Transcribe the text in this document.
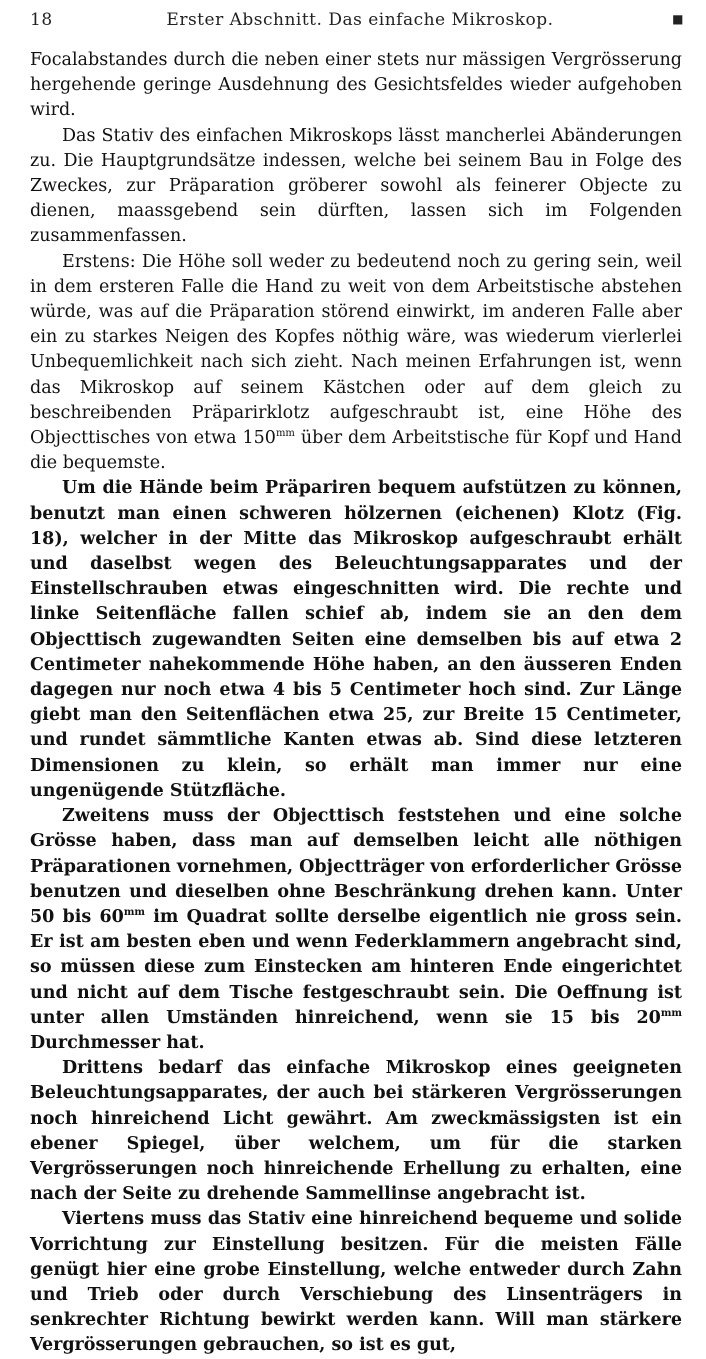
18	Erster Abschnitt. Das einfache Mikroskop.	■

Focalabstandes durch die neben einer stets nur mässigen Vergrösserung hergehende geringe Ausdehnung des Gesichtsfeldes wieder aufgehoben wird.

Das Stativ des einfachen Mikroskops lässt mancherlei Abänderungen zu. Die Hauptgrundsätze indessen, welche bei seinem Bau in Folge des Zweckes, zur Präparation gröberer sowohl als feinerer Objecte zu dienen, maassgebend sein dürften, lassen sich im Folgenden zusammenfassen.

Erstens: Die Höhe soll weder zu bedeutend noch zu gering sein, weil in dem ersteren Falle die Hand zu weit von dem Arbeitstische abstehen würde, was auf die Präparation störend einwirkt, im anderen Falle aber ein zu starkes Neigen des Kopfes nöthig wäre, was wiederum vierlerlei Unbequemlichkeit nach sich zieht. Nach meinen Erfahrungen ist, wenn das Mikroskop auf seinem Kästchen oder auf dem gleich zu beschreibenden Präparirklotz aufgeschraubt ist, eine Höhe des Objecttisches von etwa $150^{mm}$ über dem Arbeitstische für Kopf und Hand die bequemste.

Um die Hände beim Präpariren bequem aufstützen zu können, benutzt man einen schweren hölzernen (eichenen) Klotz (Fig. 18), welcher in der Mitte das Mikroskop aufgeschraubt erhält und daselbst wegen des Beleuchtungsapparates und der Einstellschrauben etwas eingeschnitten wird. Die rechte und linke Seitenfläche fallen schief ab, indem sie an den dem Objecttisch zugewandten Seiten eine demselben bis auf etwa 2 Centimeter nahekommende Höhe haben, an den äusseren Enden dagegen nur noch etwa 4 bis 5 Centimeter hoch sind. Zur Länge giebt man den Seitenflächen etwa 25, zur Breite 15 Centimeter, und rundet sämmtliche Kanten etwas ab. Sind diese letzteren Dimensionen zu klein, so erhält man immer nur eine ungenügende Stützfläche.

Zweitens muss der Objecttisch feststehen und eine solche Grösse haben, dass man auf demselben leicht alle nöthigen Präparationen vornehmen, Objectträger von erforderlicher Grösse benutzen und dieselben ohne Beschränkung drehen kann. Unter 50 bis $60^{mm}$ im Quadrat sollte derselbe eigentlich nie gross sein. Er ist am besten eben und wenn Federklammern angebracht sind, so müssen diese zum Einstecken am hinteren Ende eingerichtet und nicht auf dem Tische festgeschraubt sein. Die Oeffnung ist unter allen Umständen hinreichend, wenn sie 15 bis $20^{mm}$ Durchmesser hat.

Drittens bedarf das einfache Mikroskop eines geeigneten Beleuchtungsapparates, der auch bei stärkeren Vergrösserungen noch hinreichend Licht gewährt. Am zweckmässigsten ist ein ebener Spiegel, über welchem, um für die starken Vergrösserungen noch hinreichende Erhellung zu erhalten, eine nach der Seite zu drehende Sammellinse angebracht ist.

Viertens muss das Stativ eine hinreichend bequeme und solide Vorrichtung zur Einstellung besitzen. Für die meisten Fälle genügt hier eine grobe Einstellung, welche entweder durch Zahn und Trieb oder durch Verschiebung des Linsenträgers in senkrechter Richtung bewirkt werden kann. Will man stärkere Vergrösserungen gebrauchen, so ist es gut,
